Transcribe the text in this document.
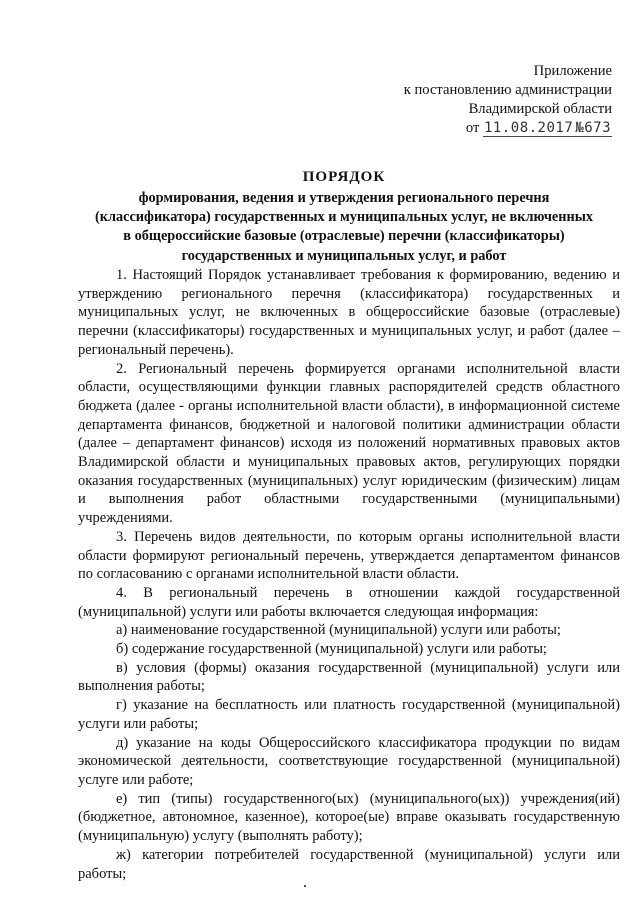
Приложение
к постановлению администрации
Владимирской области
от 11.08.2017 №673
ПОРЯДОК
формирования, ведения и утверждения регионального перечня
(классификатора) государственных и муниципальных услуг, не включенных
в общероссийские базовые (отраслевые) перечни (классификаторы)
государственных и муниципальных услуг, и работ

1. Настоящий Порядок устанавливает требования к формированию, ведению и утверждению регионального перечня (классификатора) государственных и муниципальных услуг, не включенных в общероссийские базовые (отраслевые) перечни (классификаторы) государственных и муниципальных услуг, и работ (далее – региональный перечень).

2. Региональный перечень формируется органами исполнительной власти области, осуществляющими функции главных распорядителей средств областного бюджета (далее - органы исполнительной власти области), в информационной системе департамента финансов, бюджетной и налоговой политики администрации области (далее – департамент финансов) исходя из положений нормативных правовых актов Владимирской области и муниципальных правовых актов, регулирующих порядки оказания государственных (муниципальных) услуг юридическим (физическим) лицам и выполнения работ областными государственными (муниципальными) учреждениями.

3. Перечень видов деятельности, по которым органы исполнительной власти области формируют региональный перечень, утверждается департаментом финансов по согласованию с органами исполнительной власти области.

4. В региональный перечень в отношении каждой государственной (муниципальной) услуги или работы включается следующая информация:

а) наименование государственной (муниципальной) услуги или работы;

б) содержание государственной (муниципальной) услуги или работы;

в) условия (формы) оказания государственной (муниципальной) услуги или выполнения работы;

г) указание на бесплатность или платность государственной (муниципальной) услуги или работы;

д) указание на коды Общероссийского классификатора продукции по видам экономической деятельности, соответствующие государственной (муниципальной) услуге или работе;

е) тип (типы) государственного(ых) (муниципального(ых)) учреждения(ий) (бюджетное, автономное, казенное), которое(ые) вправе оказывать государственную (муниципальную) услугу (выполнять работу);

ж) категории потребителей государственной (муниципальной) услуги или работы;
